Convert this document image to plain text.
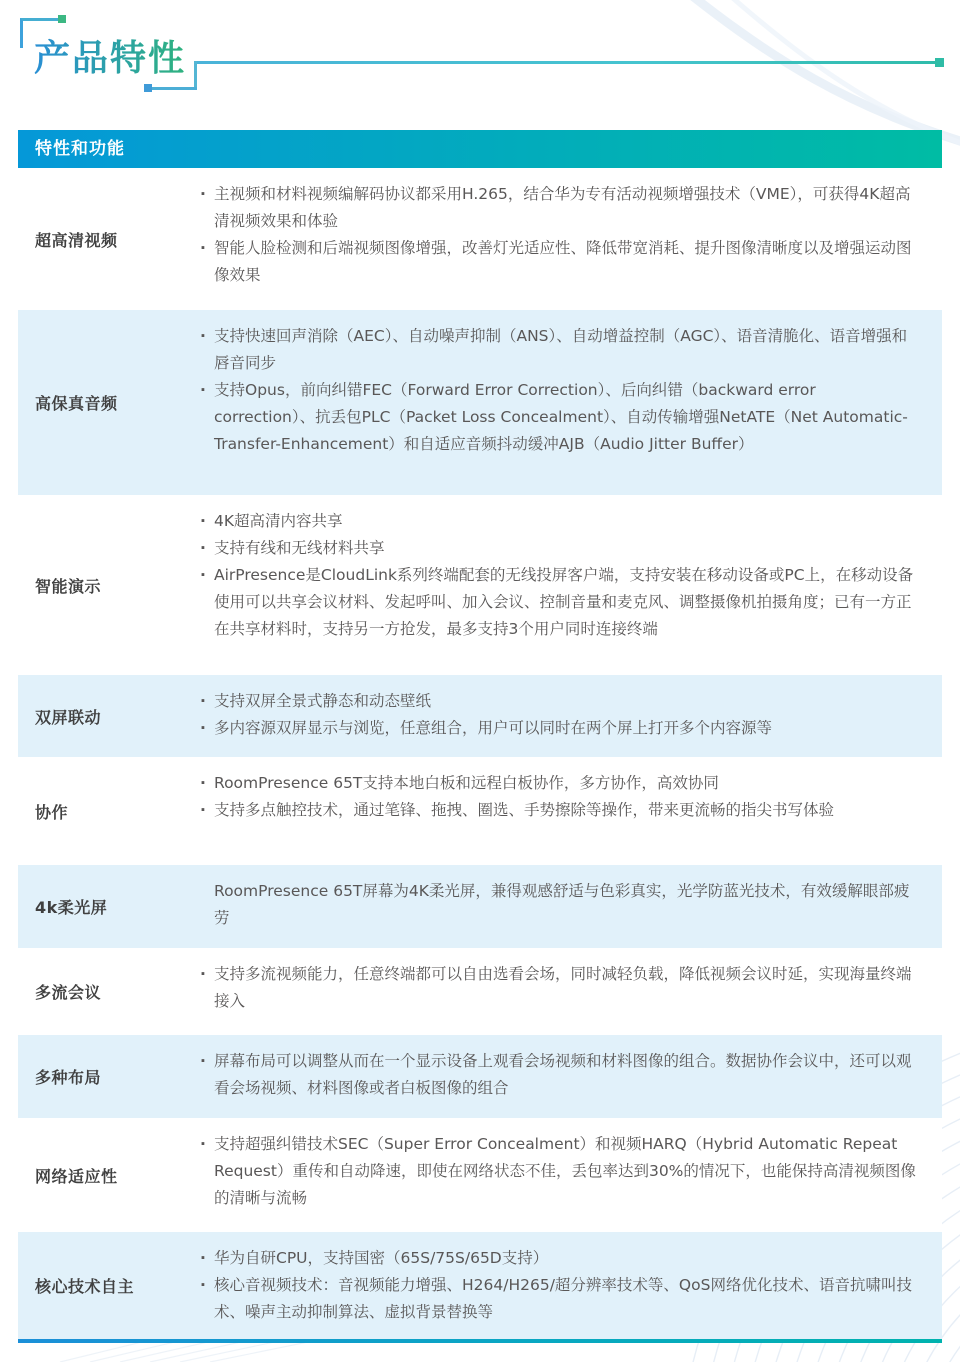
产品特性
特性和功能
超高清视频
· 主视频和材料视频编解码协议都采用H.265，结合华为专有活动视频增强技术（VME），可获得4K超高清视频效果和体验
· 智能人脸检测和后端视频图像增强，改善灯光适应性、降低带宽消耗、提升图像清晰度以及增强运动图像效果
高保真音频
· 支持快速回声消除（AEC）、自动噪声抑制（ANS）、自动增益控制（AGC）、语音清脆化、语音增强和唇音同步
· 支持Opus，前向纠错FEC（Forward Error Correction）、后向纠错（backward error correction）、抗丢包PLC（Packet Loss Concealment）、自动传输增强NetATE（Net Automatic-Transfer-Enhancement）和自适应音频抖动缓冲AJB（Audio Jitter Buffer）
智能演示
· 4K超高清内容共享
· 支持有线和无线材料共享
· AirPresence是CloudLink系列终端配套的无线投屏客户端，支持安装在移动设备或PC上，在移动设备使用可以共享会议材料、发起呼叫、加入会议、控制音量和麦克风、调整摄像机拍摄角度；已有一方正在共享材料时，支持另一方抢发，最多支持3个用户同时连接终端
双屏联动
· 支持双屏全景式静态和动态壁纸
· 多内容源双屏显示与浏览，任意组合，用户可以同时在两个屏上打开多个内容源等
协作
· RoomPresence 65T支持本地白板和远程白板协作，多方协作，高效协同
· 支持多点触控技术，通过笔锋、拖拽、圈选、手势擦除等操作，带来更流畅的指尖书写体验
4k柔光屏
RoomPresence 65T屏幕为4K柔光屏，兼得观感舒适与色彩真实，光学防蓝光技术，有效缓解眼部疲劳
多流会议
· 支持多流视频能力，任意终端都可以自由选看会场，同时减轻负载，降低视频会议时延，实现海量终端接入
多种布局
· 屏幕布局可以调整从而在一个显示设备上观看会场视频和材料图像的组合。数据协作会议中，还可以观看会场视频、材料图像或者白板图像的组合
网络适应性
· 支持超强纠错技术SEC（Super Error Concealment）和视频HARQ（Hybrid Automatic Repeat Request）重传和自动降速，即使在网络状态不佳，丢包率达到30%的情况下，也能保持高清视频图像的清晰与流畅
核心技术自主
· 华为自研CPU，支持国密（65S/75S/65D支持）
· 核心音视频技术：音视频能力增强、H264/H265/超分辨率技术等、QoS网络优化技术、语音抗啸叫技术、噪声主动抑制算法、虚拟背景替换等
